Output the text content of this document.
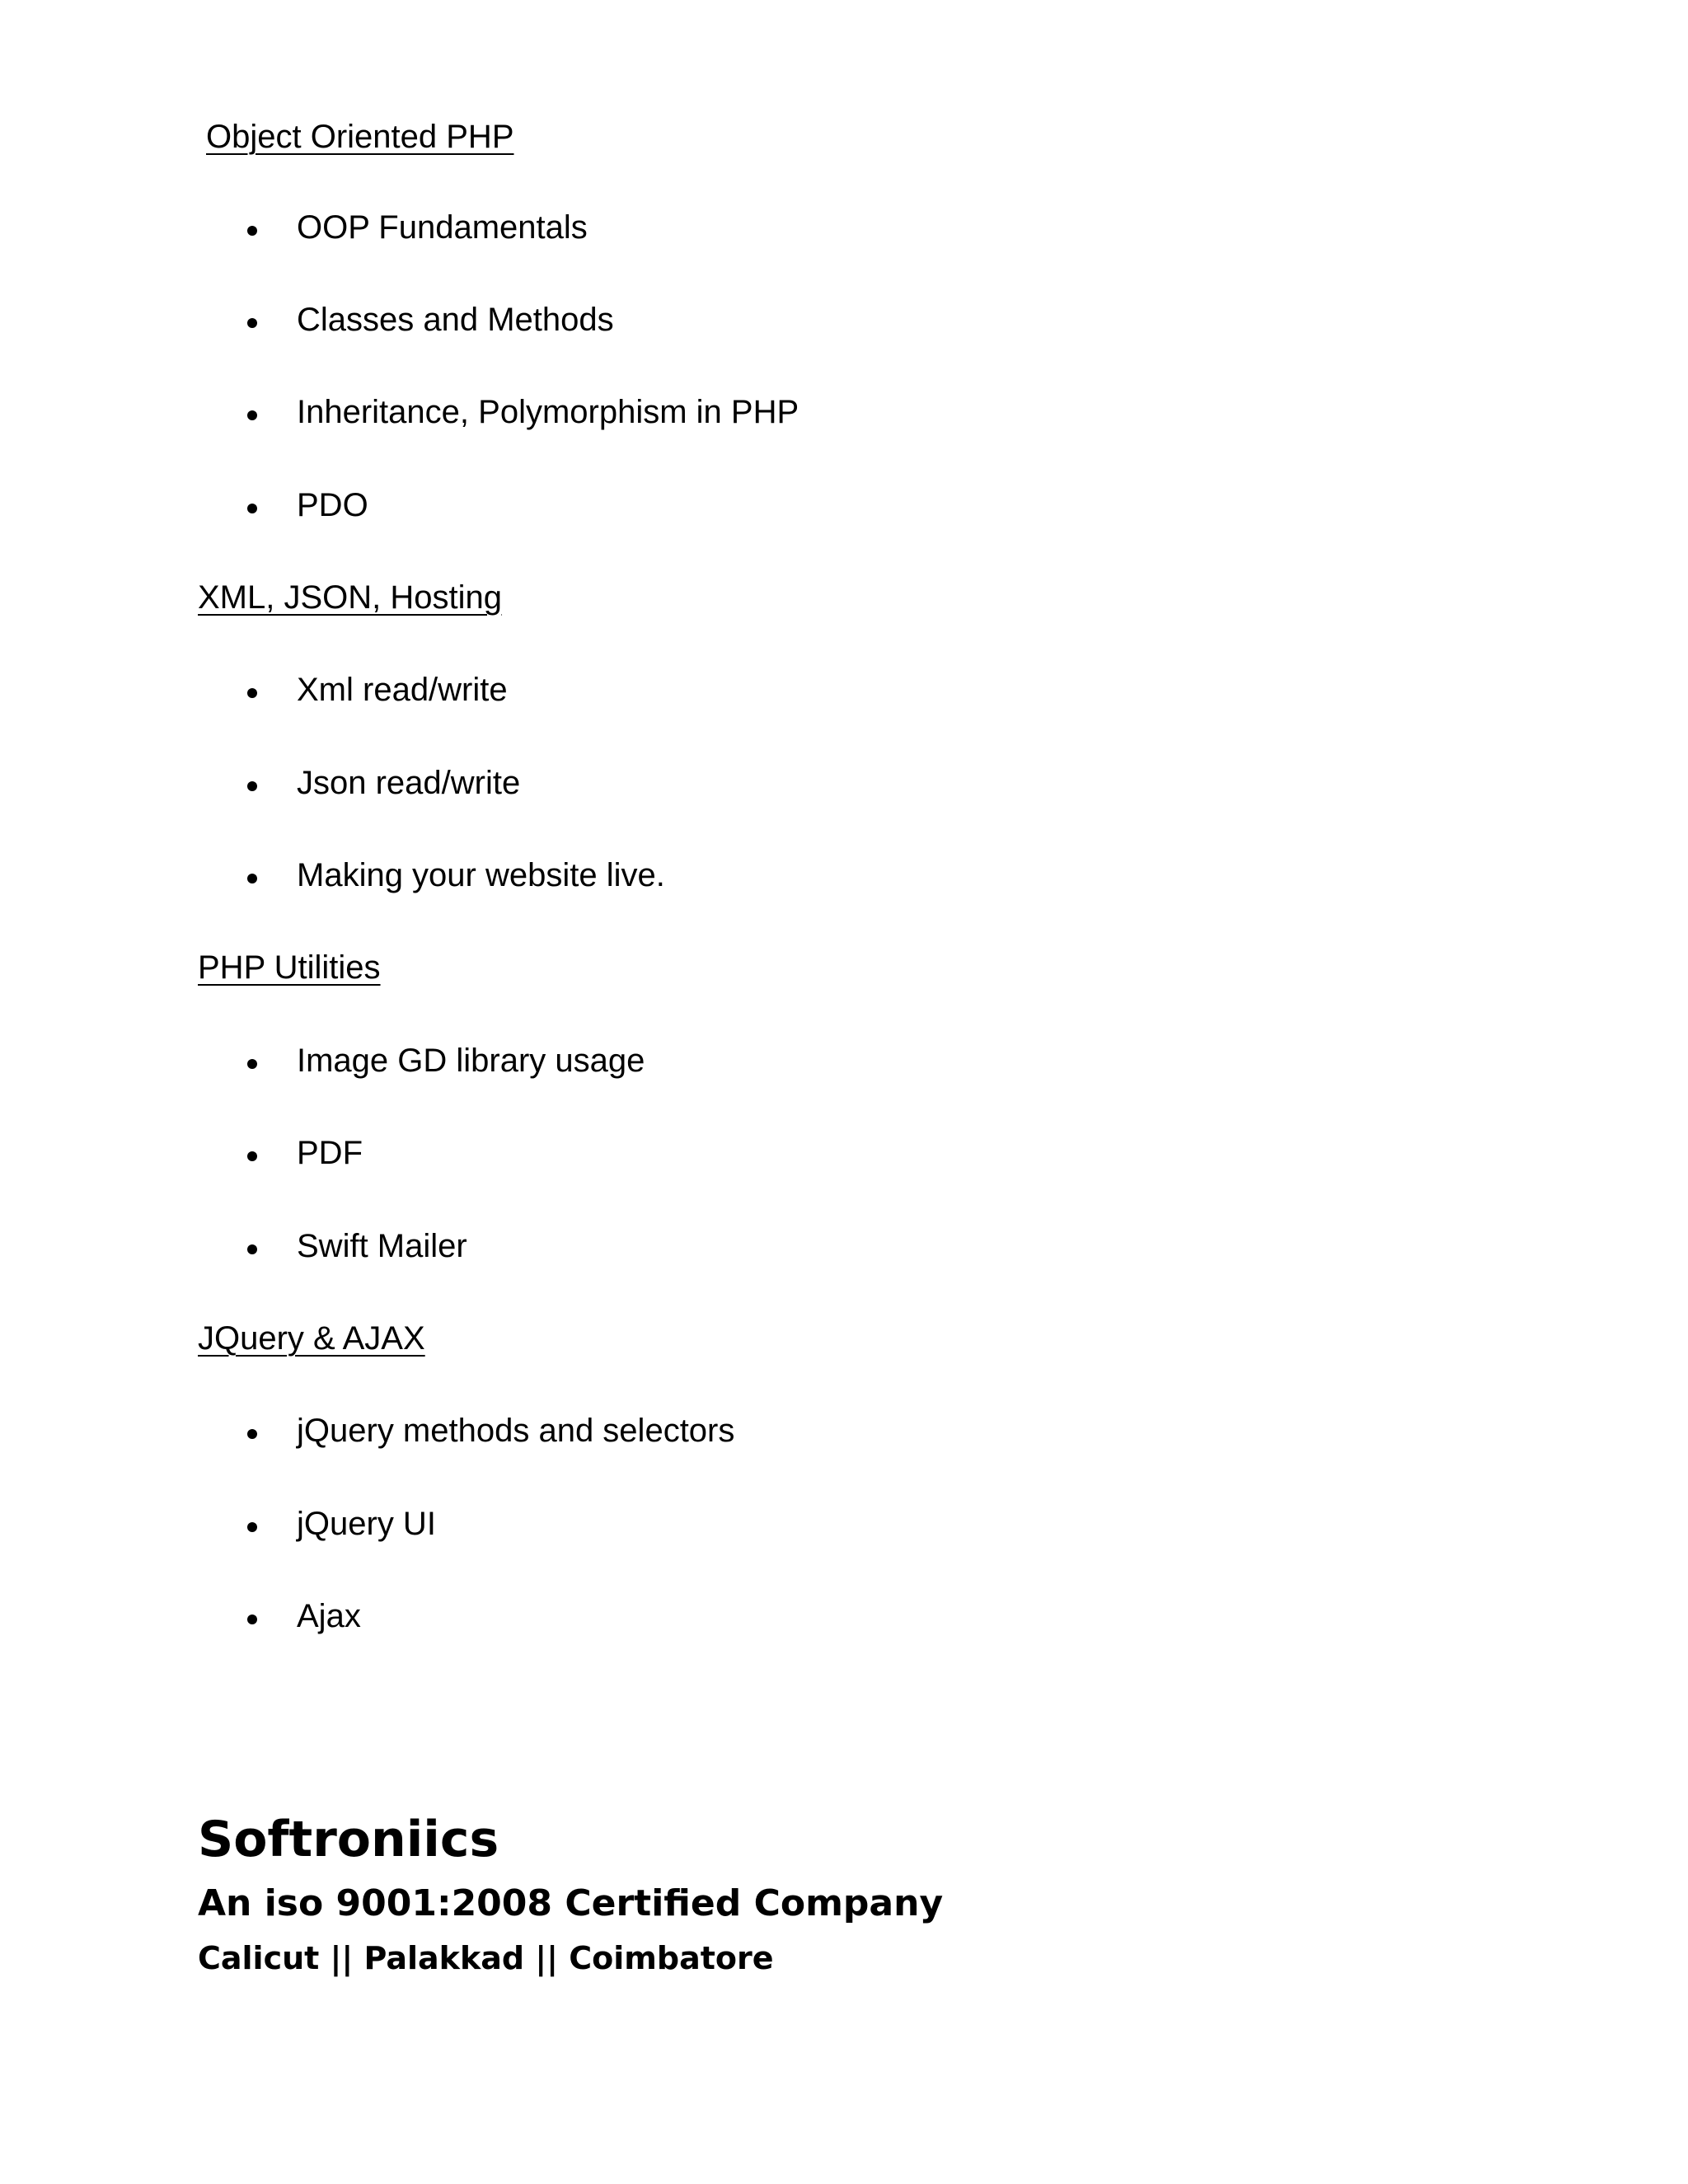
Object Oriented PHP
OOP Fundamentals
Classes and Methods
Inheritance, Polymorphism in PHP
PDO
XML, JSON, Hosting
Xml read/write
Json read/write
Making your website live.
PHP Utilities
Image GD library usage
PDF
Swift Mailer
JQuery & AJAX
jQuery methods and selectors
jQuery UI
Ajax
Softroniics
An iso 9001:2008 Certified Company
Calicut || Palakkad || Coimbatore
